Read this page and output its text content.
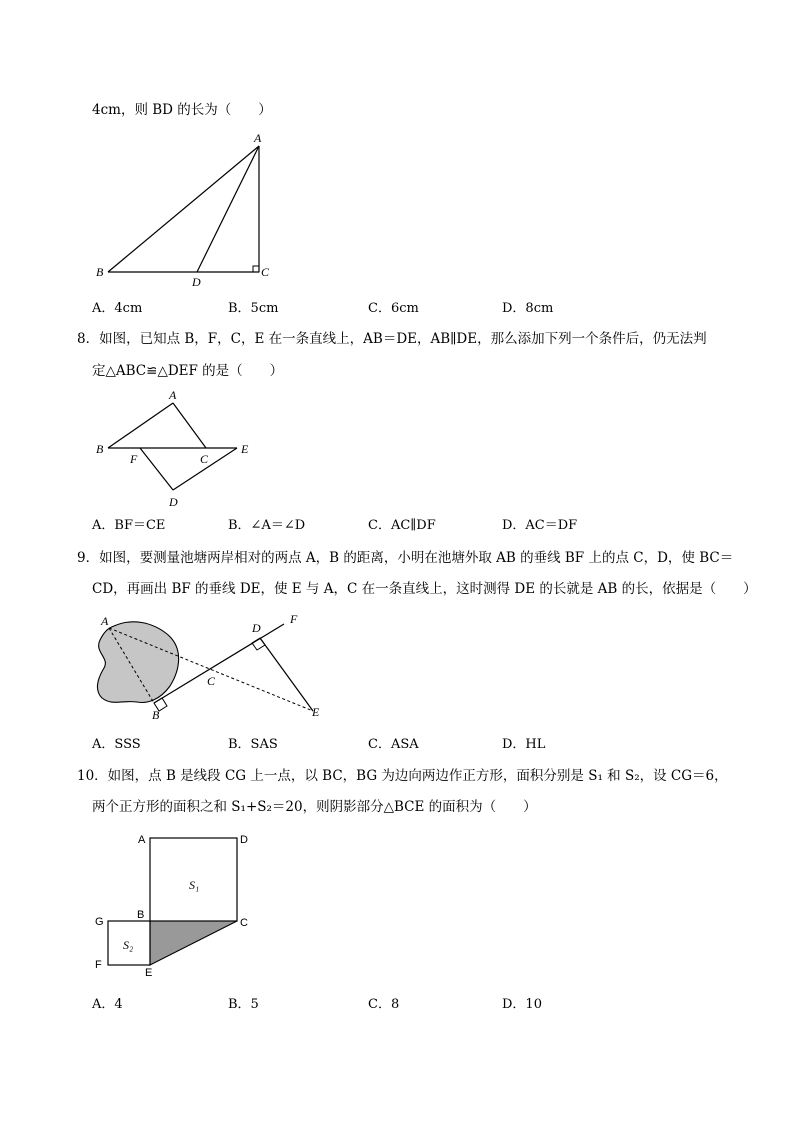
4cm，则 BD 的长为（　　）
A
B	C
D
A．4cm	B．5cm	C．6cm	D．8cm
8．如图，已知点 B，F，C，E 在一条直线上，AB＝DE，AB∥DE，那么添加下列一个条件后，仍无法判
定△ABC≌△DEF 的是（　　）
A
B
F	C
E
D
A．BF＝CE	B．∠A＝∠D	C．AC∥DF	D．AC＝DF
9．如图，要测量池塘两岸相对的两点 A，B 的距离，小明在池塘外取 AB 的垂线 BF 上的点 C，D，使 BC＝
CD，再画出 BF 的垂线 DE，使 E 与 A，C 在一条直线上，这时测得 DE 的长就是 AB 的长，依据是（　　）
A
B
C
D
E
F
A．SSS	B．SAS	C．ASA	D．HL
10．如图，点 B 是线段 CG 上一点，以 BC，BG 为边向两边作正方形，面积分别是 S₁ 和 S₂，设 CG＝6，
两个正方形的面积之和 S₁+S₂＝20，则阴影部分△BCE 的面积为（　　）
A	D
S₁
G
B
C
S₂
F
E
A．4	B．5	C．8	D．10
